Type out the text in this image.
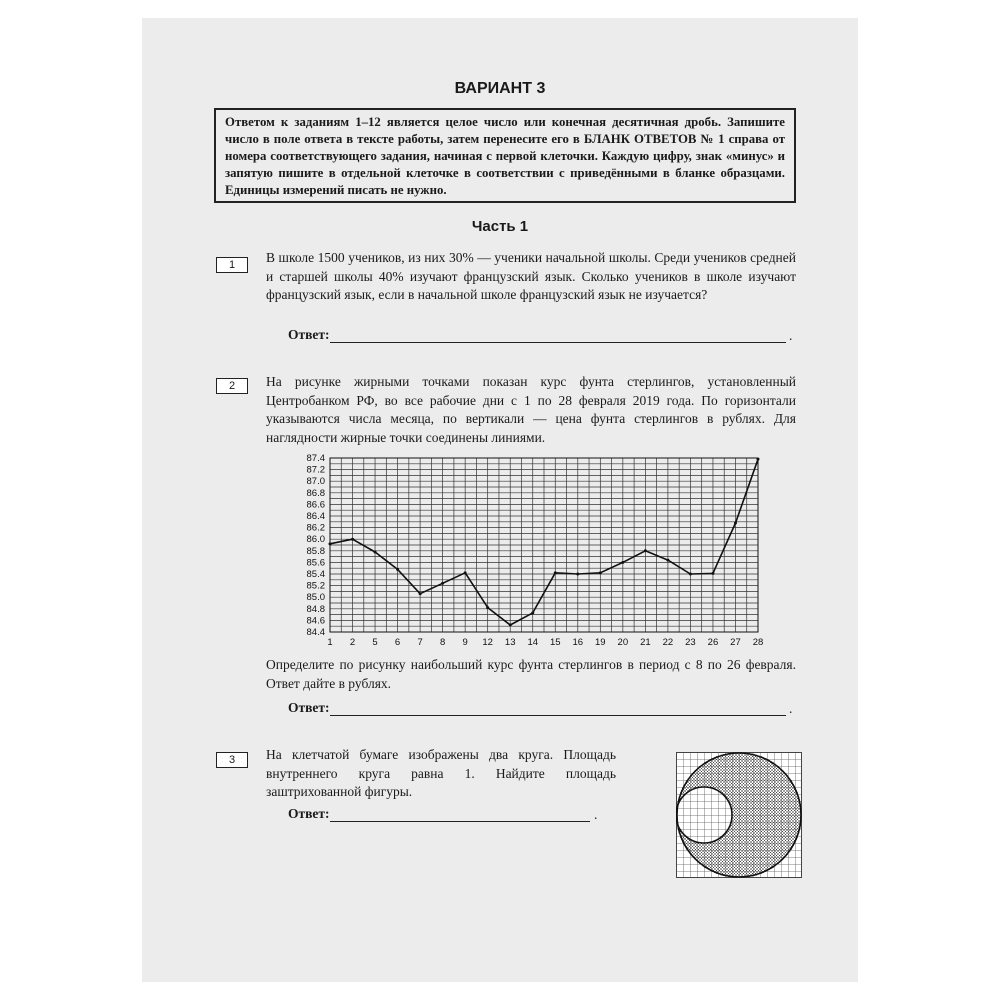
ВАРИАНТ 3
Ответом к заданиям 1–12 является целое число или конечная десятичная дробь. Запишите число в поле ответа в тексте работы, затем перенесите его в БЛАНК ОТВЕТОВ № 1 справа от номера соответствующего задания, начиная с первой клеточки. Каждую цифру, знак «минус» и запятую пишите в отдельной клеточке в соответствии с приведёнными в бланке образцами. Единицы измерений писать не нужно.
Часть 1
1	В школе 1500 учеников, из них 30% — ученики начальной школы. Среди учеников средней и старшей школы 40% изучают французский язык. Сколько учеников в школе изучают французский язык, если в начальной школе французский язык не изучается?
Ответ:	.
2	На рисунке жирными точками показан курс фунта стерлингов, установленный Центробанком РФ, во все рабочие дни с 1 по 28 февраля 2019 года. По горизонтали указываются числа месяца, по вертикали — цена фунта стерлингов в рублях. Для наглядности жирные точки соединены линиями.
84.4
84.6
84.8
85.0
85.2
85.4
85.6
85.8
86.0
86.2
86.4
86.6
86.8
87.0
87.2
87.4
1 2 5 6 7 8 9 12 13 14 15 16 19 20 21 22 23 26 27 28
Определите по рисунку наибольший курс фунта стерлингов в период с 8 по 26 февраля. Ответ дайте в рублях.
Ответ:	.
3	На клетчатой бумаге изображены два круга. Площадь внутреннего круга равна 1. Найдите площадь заштрихованной фигуры.
Ответ:	.
